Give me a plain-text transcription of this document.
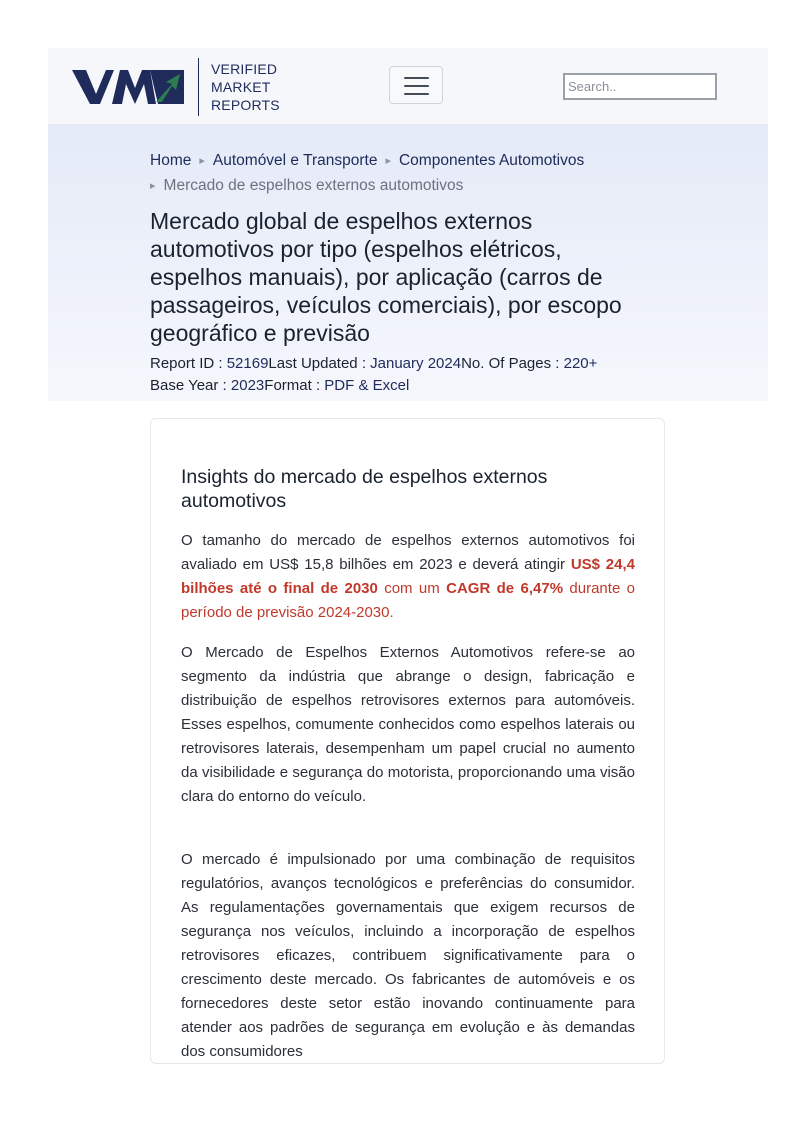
VERIFIED
MARKET
REPORTS
Search..
Home ▸ Automóvel e Transporte ▸ Componentes Automotivos
▸ Mercado de espelhos externos automotivos
Mercado global de espelhos externos automotivos por tipo (espelhos elétricos, espelhos manuais), por aplicação (carros de passageiros, veículos comerciais), por escopo geográfico e previsão
Report ID : 52169Last Updated : January 2024No. Of Pages : 220+
Base Year : 2023Format : PDF & Excel
Insights do mercado de espelhos externos automotivos

O tamanho do mercado de espelhos externos automotivos foi avaliado em US$ 15,8 bilhões em 2023 e deverá atingir US$ 24,4 bilhões até o final de 2030 com um CAGR de 6,47% durante o período de previsão 2024-2030.

O Mercado de Espelhos Externos Automotivos refere-se ao segmento da indústria que abrange o design, fabricação e distribuição de espelhos retrovisores externos para automóveis. Esses espelhos, comumente conhecidos como espelhos laterais ou retrovisores laterais, desempenham um papel crucial no aumento da visibilidade e segurança do motorista, proporcionando uma visão clara do entorno do veículo.

O mercado é impulsionado por uma combinação de requisitos regulatórios, avanços tecnológicos e preferências do consumidor. As regulamentações governamentais que exigem recursos de segurança nos veículos, incluindo a incorporação de espelhos retrovisores eficazes, contribuem significativamente para o crescimento deste mercado. Os fabricantes de automóveis e os fornecedores deste setor estão inovando continuamente para atender aos padrões de segurança em evolução e às demandas dos consumidores
